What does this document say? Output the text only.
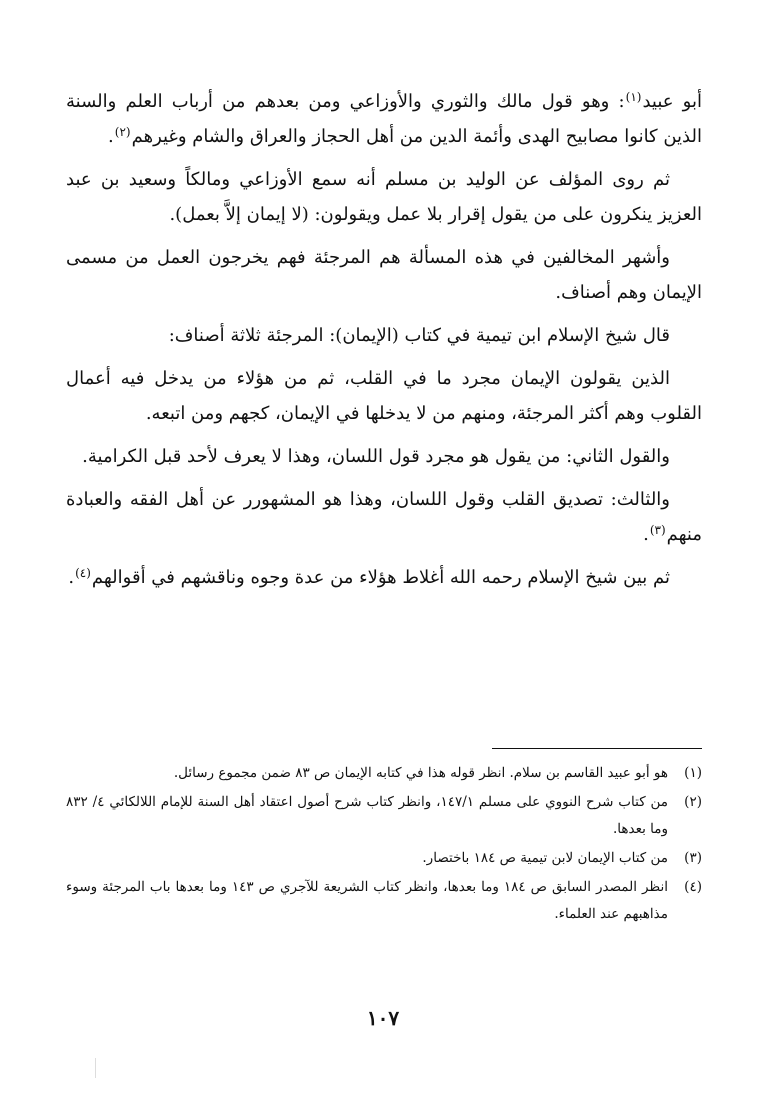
أبو عبيد$^{(١)}$: وهو قول مالك والثوري والأوزاعي ومن بعدهم من أرباب العلم والسنة الذين كانوا مصابيح الهدى وأئمة الدين من أهل الحجاز والعراق والشام وغيرهم$^{(٢)}$.

ثم روى المؤلف عن الوليد بن مسلم أنه سمع الأوزاعي ومالكاً وسعيد بن عبد العزيز ينكرون على من يقول إقرار بلا عمل ويقولون: (لا إيمان إلاَّ بعمل).

وأشهر المخالفين في هذه المسألة هم المرجئة فهم يخرجون العمل من مسمى الإيمان وهم أصناف.

قال شيخ الإسلام ابن تيمية في كتاب (الإيمان): المرجئة ثلاثة أصناف:

الذين يقولون الإيمان مجرد ما في القلب، ثم من هؤلاء من يدخل فيه أعمال القلوب وهم أكثر المرجئة، ومنهم من لا يدخلها في الإيمان، كجهم ومن اتبعه.

والقول الثاني: من يقول هو مجرد قول اللسان، وهذا لا يعرف لأحد قبل الكرامية.

والثالث: تصديق القلب وقول اللسان، وهذا هو المشهورر عن أهل الفقه والعبادة منهم$^{(٣)}$.

ثم بين شيخ الإسلام رحمه الله أغلاط هؤلاء من عدة وجوه وناقشهم في أقوالهم$^{(٤)}$.

(١)
هو أبو عبيد القاسم بن سلام. انظر قوله هذا في كتابه الإيمان ص ٨٣ ضمن مجموع رسائل.
(٢)
من كتاب شرح النووي على مسلم ١٤٧/١، وانظر كتاب شرح أصول اعتقاد أهل السنة للإمام اللالكائي ٤/ ٨٣٢ وما بعدها.
(٣)
من كتاب الإيمان لابن تيمية ص ١٨٤ باختصار.
(٤)
انظر المصدر السابق ص ١٨٤ وما بعدها، وانظر كتاب الشريعة للآجري ص ١٤٣ وما بعدها باب المرجئة وسوء مذاهبهم عند العلماء.
١٠٧
